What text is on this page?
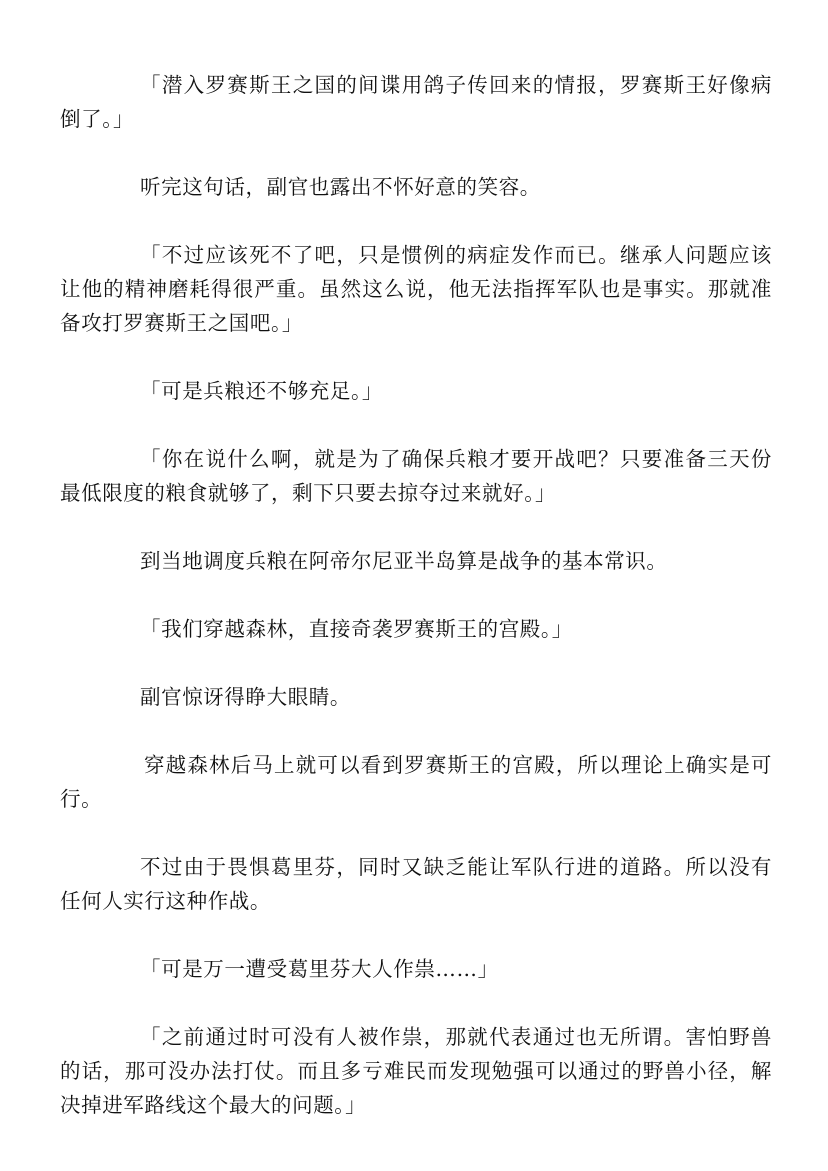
「潜入罗赛斯王之国的间谍用鸽子传回来的情报，罗赛斯王好像病倒了。」

听完这句话，副官也露出不怀好意的笑容。

「不过应该死不了吧，只是惯例的病症发作而已。继承人问题应该让他的精神磨耗得很严重。虽然这么说，他无法指挥军队也是事实。那就准备攻打罗赛斯王之国吧。」

「可是兵粮还不够充足。」

「你在说什么啊，就是为了确保兵粮才要开战吧？只要准备三天份最低限度的粮食就够了，剩下只要去掠夺过来就好。」

到当地调度兵粮在阿帝尔尼亚半岛算是战争的基本常识。

「我们穿越森林，直接奇袭罗赛斯王的宫殿。」

副官惊讶得睁大眼睛。

穿越森林后马上就可以看到罗赛斯王的宫殿，所以理论上确实是可行。

不过由于畏惧葛里芬，同时又缺乏能让军队行进的道路。所以没有任何人实行这种作战。

「可是万一遭受葛里芬大人作祟……」

「之前通过时可没有人被作祟，那就代表通过也无所谓。害怕野兽的话，那可没办法打仗。而且多亏难民而发现勉强可以通过的野兽小径，解决掉进军路线这个最大的问题。」
